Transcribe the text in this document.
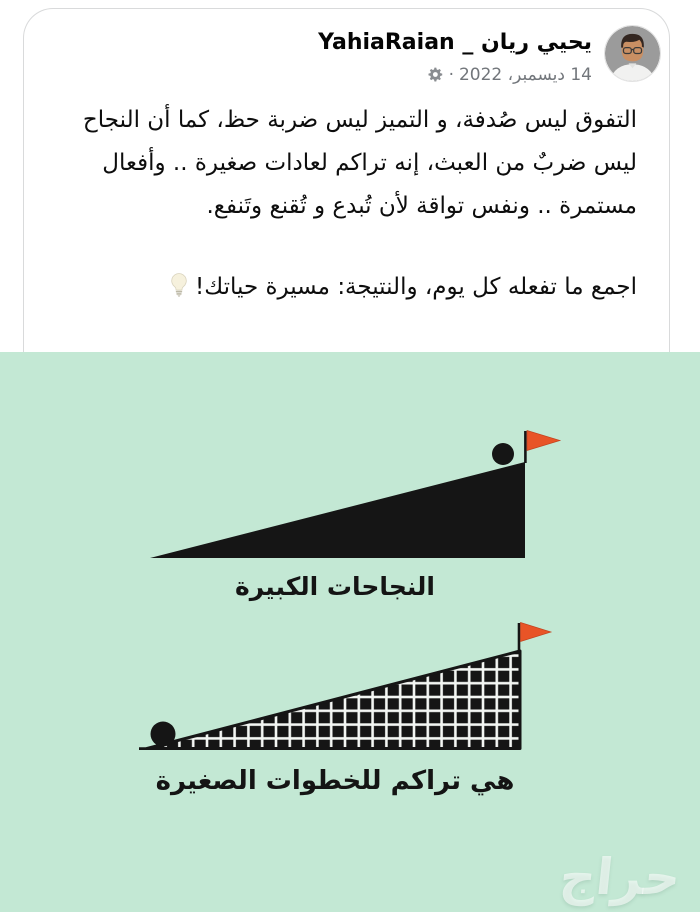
يحيي ريان _ YahiaRaian
14 ديسمبر، 2022
·

التفوق ليس صُدفة، و التميز ليس ضربة حظ، كما أن النجاح ليس ضربٌ من العبث، إنه تراكم لعادات صغيرة .. وأفعال مستمرة .. ونفس تواقة لأن تُبدع و تُقنع وتَنفع.

اجمع ما تفعله كل يوم، والنتيجة: مسيرة حياتك!

النجاحات الكبيرة
هي تراكم للخطوات الصغيرة
حراج
